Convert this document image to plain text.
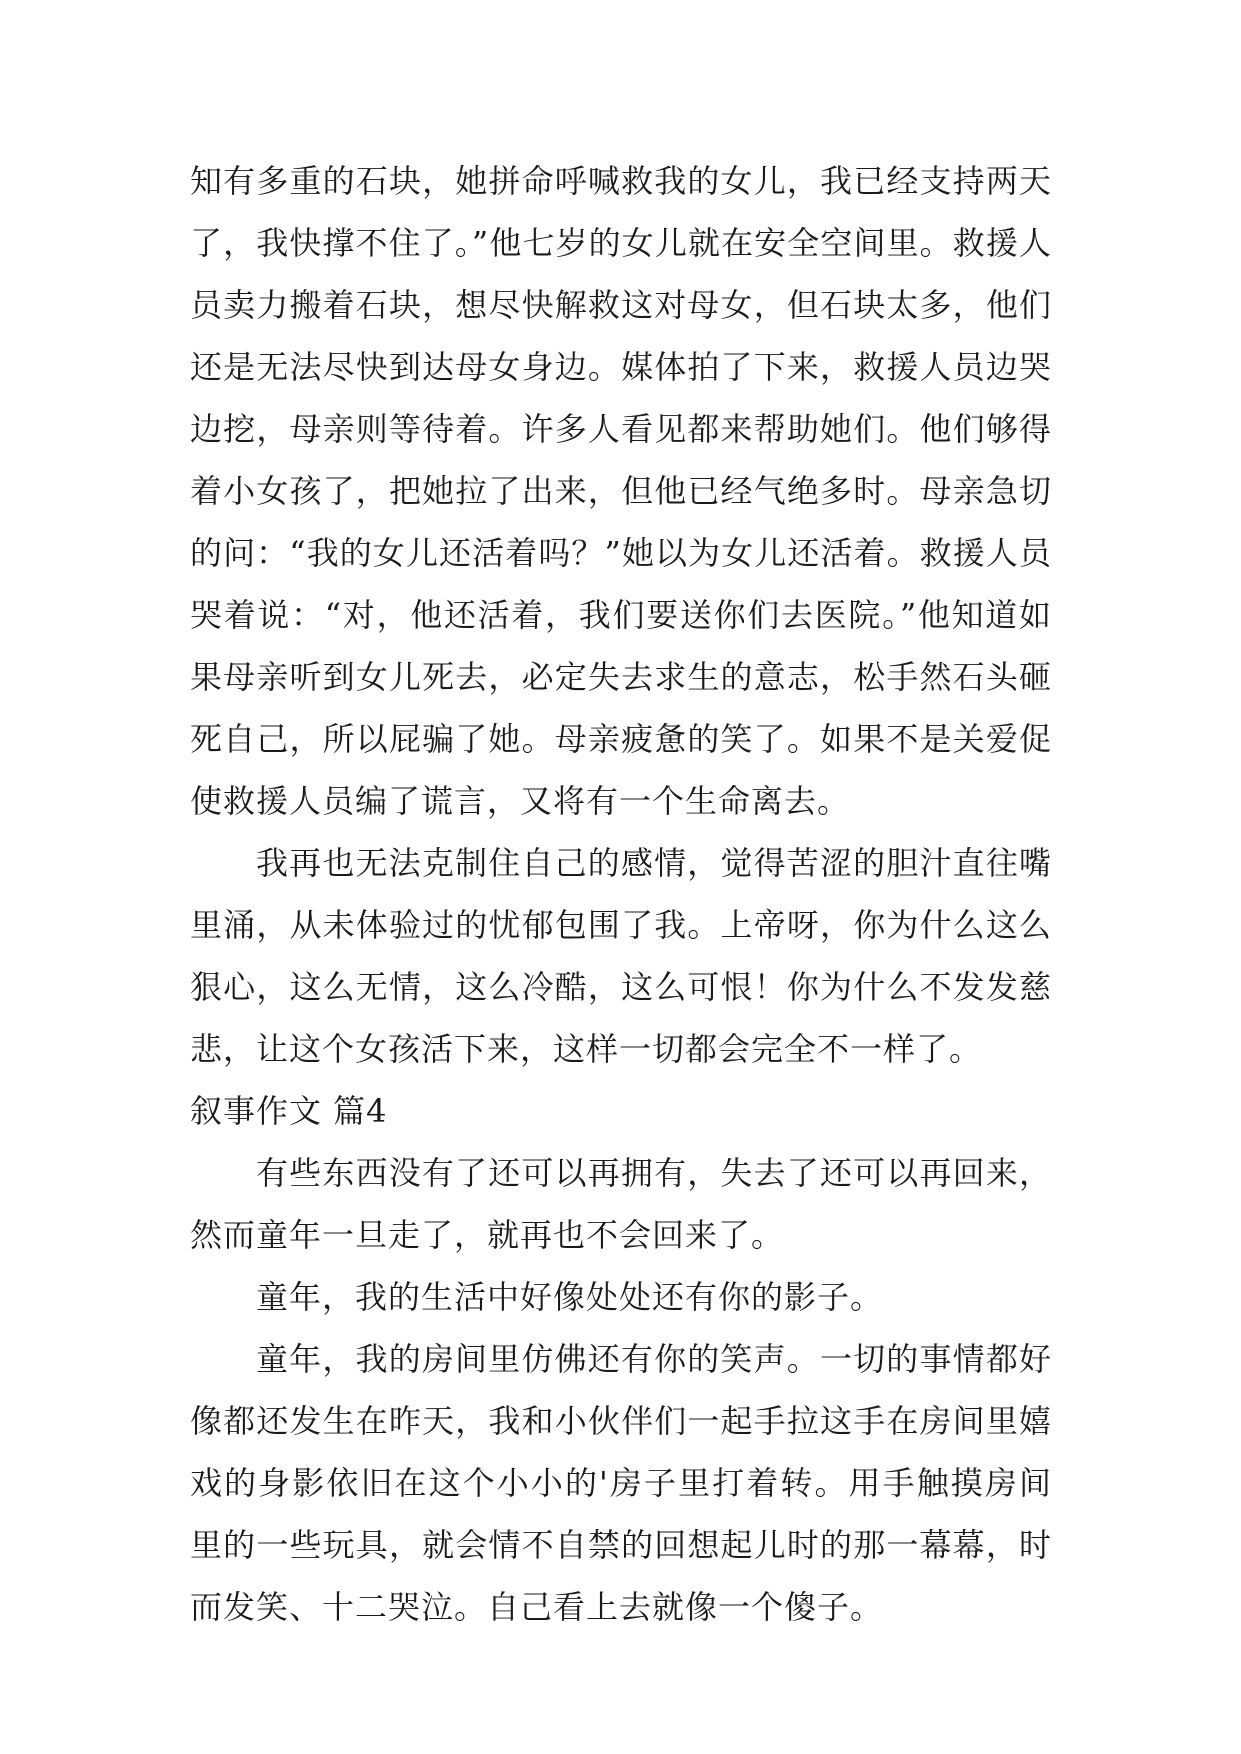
知有多重的石块，她拼命呼喊救我的女儿，我已经支持两天了，我快撑不住了。”他七岁的女儿就在安全空间里。救援人员卖力搬着石块，想尽快解救这对母女，但石块太多，他们还是无法尽快到达母女身边。媒体拍了下来，救援人员边哭边挖，母亲则等待着。许多人看见都来帮助她们。他们够得着小女孩了，把她拉了出来，但他已经气绝多时。母亲急切的问：“我的女儿还活着吗？”她以为女儿还活着。救援人员哭着说：“对，他还活着，我们要送你们去医院。”他知道如果母亲听到女儿死去，必定失去求生的意志，松手然石头砸死自己，所以屁骗了她。母亲疲惫的笑了。如果不是关爱促使救援人员编了谎言，又将有一个生命离去。

我再也无法克制住自己的感情，觉得苦涩的胆汁直往嘴里涌，从未体验过的忧郁包围了我。上帝呀，你为什么这么狠心，这么无情，这么冷酷，这么可恨！你为什么不发发慈悲，让这个女孩活下来，这样一切都会完全不一样了。

叙事作文 篇4

有些东西没有了还可以再拥有，失去了还可以再回来，然而童年一旦走了，就再也不会回来了。

童年，我的生活中好像处处还有你的影子。

童年，我的房间里仿佛还有你的笑声。一切的事情都好像都还发生在昨天，我和小伙伴们一起手拉这手在房间里嬉戏的身影依旧在这个小小的'房子里打着转。用手触摸房间里的一些玩具，就会情不自禁的回想起儿时的那一幕幕，时而发笑、十二哭泣。自己看上去就像一个傻子。
